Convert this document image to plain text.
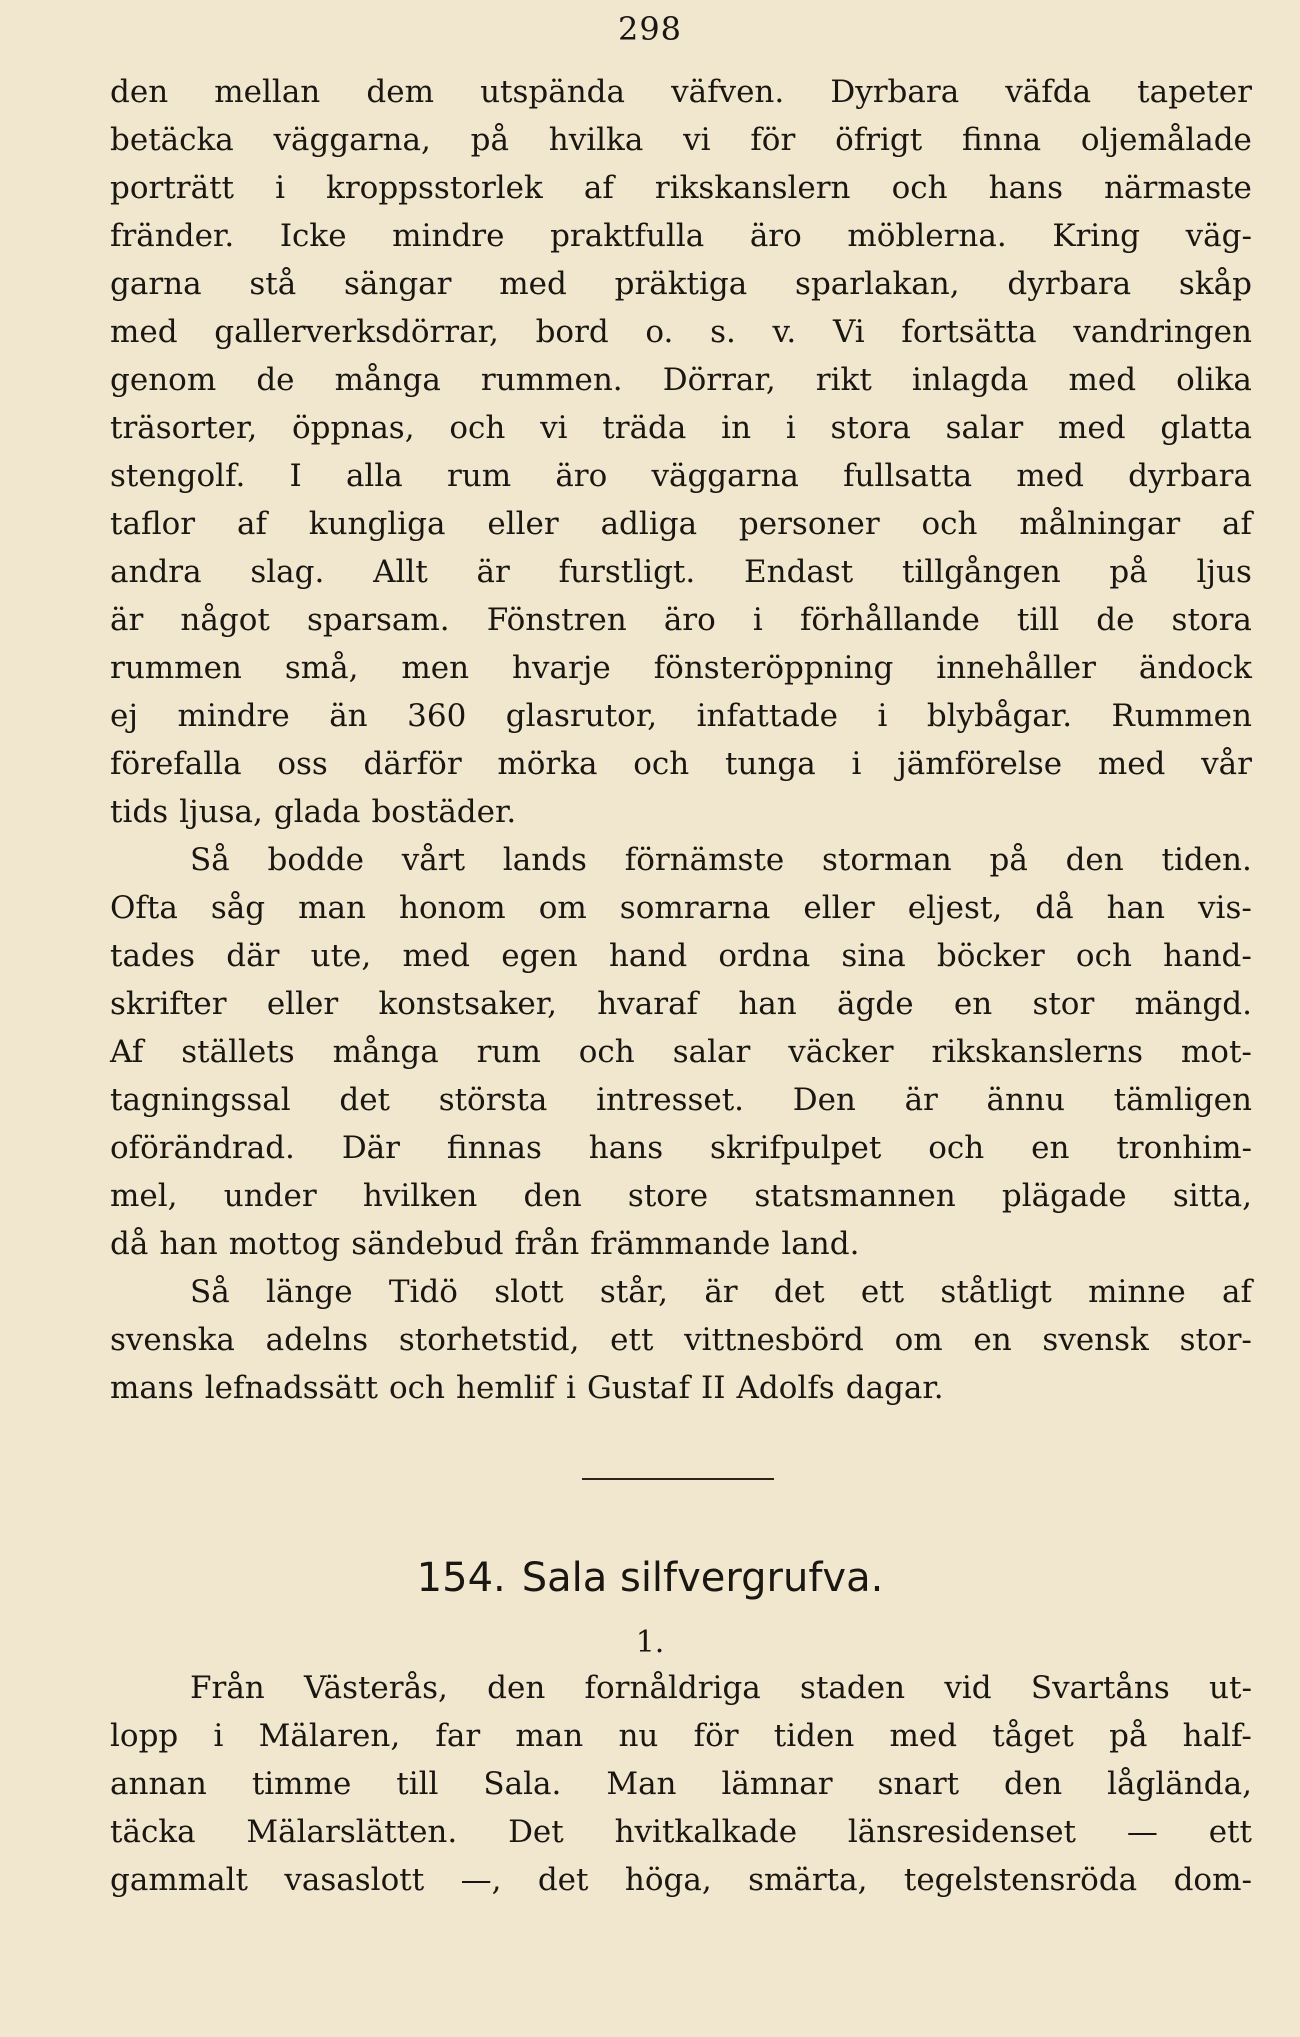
298
den mellan dem utspända väfven. Dyrbara väfda tapeter
betäcka väggarna, på hvilka vi för öfrigt finna oljemålade
porträtt i kroppsstorlek af rikskanslern och hans närmaste
fränder. Icke mindre praktfulla äro möblerna. Kring väg-
garna stå sängar med präktiga sparlakan, dyrbara skåp
med gallerverksdörrar, bord o. s. v. Vi fortsätta vandringen
genom de många rummen. Dörrar, rikt inlagda med olika
träsorter, öppnas, och vi träda in i stora salar med glatta
stengolf. I alla rum äro väggarna fullsatta med dyrbara
taflor af kungliga eller adliga personer och målningar af
andra slag. Allt är furstligt. Endast tillgången på ljus
är något sparsam. Fönstren äro i förhållande till de stora
rummen små, men hvarje fönsteröppning innehåller ändock
ej mindre än 360 glasrutor, infattade i blybågar. Rummen
förefalla oss därför mörka och tunga i jämförelse med vår
tids ljusa, glada bostäder.
Så bodde vårt lands förnämste storman på den tiden.
Ofta såg man honom om somrarna eller eljest, då han vis-
tades där ute, med egen hand ordna sina böcker och hand-
skrifter eller konstsaker, hvaraf han ägde en stor mängd.
Af ställets många rum och salar väcker rikskanslerns mot-
tagningssal det största intresset. Den är ännu tämligen
oförändrad. Där finnas hans skrifpulpet och en tronhim-
mel, under hvilken den store statsmannen plägade sitta,
då han mottog sändebud från främmande land.
Så länge Tidö slott står, är det ett ståtligt minne af
svenska adelns storhetstid, ett vittnesbörd om en svensk stor-
mans lefnadssätt och hemlif i Gustaf II Adolfs dagar.
154. Sala silfvergrufva.
1.
Från Västerås, den fornåldriga staden vid Svartåns ut-
lopp i Mälaren, far man nu för tiden med tåget på half-
annan timme till Sala. Man lämnar snart den lågländа,
täcka Mälarslätten. Det hvitkalkade länsresidenset — ett
gammalt vasaslott —, det höga, smärta, tegelstensröda dom-
